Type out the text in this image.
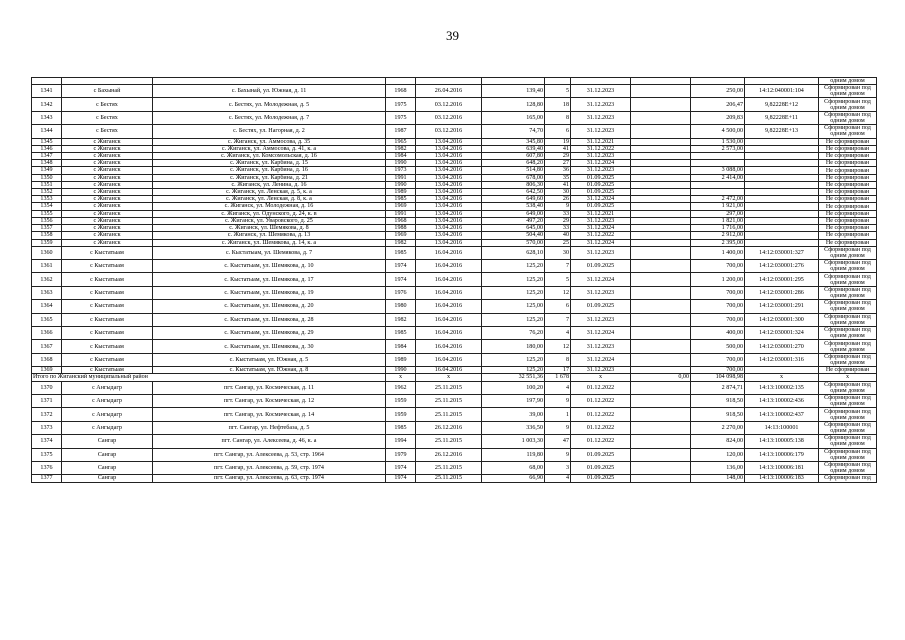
39
											одним домом
1341	с Бахынай	с. Бахынай, ул. Южная, д. 11	1968	26.04.2016	139,40	5	31.12.2023		250,00	14:12:040001:104	Сформирован под одним домом
1342	с Бестях	с. Бестях, ул. Молодежная, д. 5	1975	03.12.2016	128,80	18	31.12.2023		206,47	9,82228E+12	Сформирован под одним домом
1343	с Бестях	с. Бестях, ул. Молодежная, д. 7	1975	03.12.2016	165,00	8	31.12.2023		209,83	9,82228E+11	Сформирован под одним домом
1344	с Бестях	с. Бестях, ул. Нагорная, д. 2	1987	03.12.2016	74,70	6	31.12.2023		4 500,00	9,82228E+13	Сформирован под одним домом
1345	с Жиганск	с. Жиганск, ул. Аммосова, д. 35	1965	13.04.2016	345,80	19	31.12.2021		1 530,00		Не сформирован
1346	с Жиганск	с. Жиганск, ул. Аммосова, д. 41, к. а	1982	13.04.2016	639,40	41	31.12.2022		2 573,00		Не сформирован
1347	с Жиганск	с. Жиганск, ул. Комсомольская, д. 16	1984	13.04.2016	607,80	29	31.12.2023				Не сформирован
1348	с Жиганск	с. Жиганск, ул. Карбина, д. 15	1990	13.04.2016	648,20	27	31.12.2024				Не сформирован
1349	с Жиганск	с. Жиганск, ул. Карбина, д. 16	1973	13.04.2016	514,80	36	31.12.2023		3 088,00		Не сформирован
1350	с Жиганск	с. Жиганск, ул. Карбина, д. 21	1991	13.04.2016	678,00	35	01.09.2025		2 414,00		Не сформирован
1351	с Жиганск	с. Жиганск, ул. Ленина, д. 16	1990	13.04.2016	806,30	41	01.09.2025				Не сформирован
1352	с Жиганск	с. Жиганск, ул. Ленская, д. 5, к. а	1989	13.04.2016	642,50	30	01.09.2025				Не сформирован
1353	с Жиганск	с. Жиганск, ул. Ленская, д. 8, к. а	1985	13.04.2016	649,60	26	31.12.2024		2 472,00		Не сформирован
1354	с Жиганск	с. Жиганск, ул. Молодежная, д. 16	1969	13.04.2016	538,40	9	01.09.2025		1 921,00		Не сформирован
1355	с Жиганск	с. Жиганск, ул. Одунского, д. 24, к. в	1991	13.04.2016	649,00	33	31.12.2021		297,00		Не сформирован
1356	с Жиганск	с. Жиганск, ул. Уваровского, д. 25	1968	13.04.2016	497,20	29	31.12.2023		1 821,00		Не сформирован
1357	с Жиганск	с. Жиганск, ул. Шемякова, д. 8	1988	13.04.2016	645,00	33	31.12.2024		1 716,00		Не сформирован
1358	с Жиганск	с. Жиганск, ул. Шемякова, д. 13	1969	13.04.2016	504,40	40	31.12.2022		2 912,00		Не сформирован
1359	с Жиганск	с. Жиганск, ул. Шемякова, д. 14, к. а	1982	13.04.2016	570,00	25	31.12.2024		2 395,00		Не сформирован
1360	с Кыстатыам	с. Кыстатыам, ул. Шемякова, д. 7	1985	16.04.2016	628,10	30	31.12.2023		1 400,00	14:12:030001:327	Сформирован под одним домом
1361	с Кыстатыам	с. Кыстатыам, ул. Шемякова, д. 10	1974	16.04.2016	125,20	7	01.09.2025		700,00	14:12:030001:276	Сформирован под одним домом
1362	с Кыстатыам	с. Кыстатыам, ул. Шемякова, д. 17	1974	16.04.2016	125,20	5	31.12.2024		1 200,00	14:12:030001:295	Сформирован под одним домом
1363	с Кыстатыам	с. Кыстатыам, ул. Шемякова, д. 19	1976	16.04.2016	125,20	12	31.12.2023		700,00	14:12:030001:286	Сформирован под одним домом
1364	с Кыстатыам	с. Кыстатыам, ул. Шемякова, д. 20	1980	16.04.2016	125,00	6	01.09.2025		700,00	14:12:030001:291	Сформирован под одним домом
1365	с Кыстатыам	с. Кыстатыам, ул. Шемякова, д. 28	1982	16.04.2016	125,20	7	31.12.2023		700,00	14:12:030001:300	Сформирован под одним домом
1366	с Кыстатыам	с. Кыстатыам, ул. Шемякова, д. 29	1985	16.04.2016	76,20	4	31.12.2024		400,00	14:12:030001:324	Сформирован под одним домом
1367	с Кыстатыам	с. Кыстатыам, ул. Шемякова, д. 30	1984	16.04.2016	180,00	12	31.12.2023		500,00	14:12:030001:270	Сформирован под одним домом
1368	с Кыстатыам	с. Кыстатыам, ул. Южная, д. 5	1989	16.04.2016	125,20	8	31.12.2024		700,00	14:12:030001:316	Сформирован под одним домом
1369	с Кыстатыам	с. Кыстатыам, ул. Южная, д. 8	1990	16.04.2016	125,20	17	31.12.2023		700,00		Не сформирован
Итого по Жиганский муниципальный район			x	x	32 551,36	1 678	x	0,00	104 098,98	x	x
1370	с Ангыдагр	пгт. Сангар, ул. Космическая, д. 11	1962	25.11.2015	100,20	4	01.12.2022		2 874,71	14:13:100002:135	Сформирован под одним домом
1371	с Ангыдагр	пгт. Сангар, ул. Космическая, д. 12	1959	25.11.2015	197,90	9	01.12.2022		918,50	14:13:100002:436	Сформирован под одним домом
1372	с Ангыдагр	пгт. Сангар, ул. Космическая, д. 14	1959	25.11.2015	39,00	1	01.12.2022		918,50	14:13:100002:437	Сформирован под одним домом
1373	с Ангыдагр	пгт. Сангар, ул. Нефтебаза, д. 5	1985	26.12.2016	336,50	9	01.12.2022		2 270,00	14:13:100001	Сформирован под одним домом
1374	Сангар	пгт. Сангар, ул. Алексеева, д. 46, к. а	1994	25.11.2015	1 003,30	47	01.12.2022		824,00	14:13:100005:138	Сформирован под одним домом
1375	Сангар	пгт. Сангар, ул. Алексеева, д. 53, стр. 1964	1979	26.12.2016	119,80	9	01.09.2025		120,00	14:13:100006:179	Сформирован под одним домом
1376	Сангар	пгт. Сангар, ул. Алексеева, д. 59, стр. 1974	1974	25.11.2015	68,00	3	01.09.2025		136,00	14:13:100006:181	Сформирован под одним домом
1377	Сангар	пгт. Сангар, ул. Алексеева, д. 63, стр. 1974	1974	25.11.2015	66,90	4	01.09.2025		148,00	14:13:100006:183	Сформирован под
